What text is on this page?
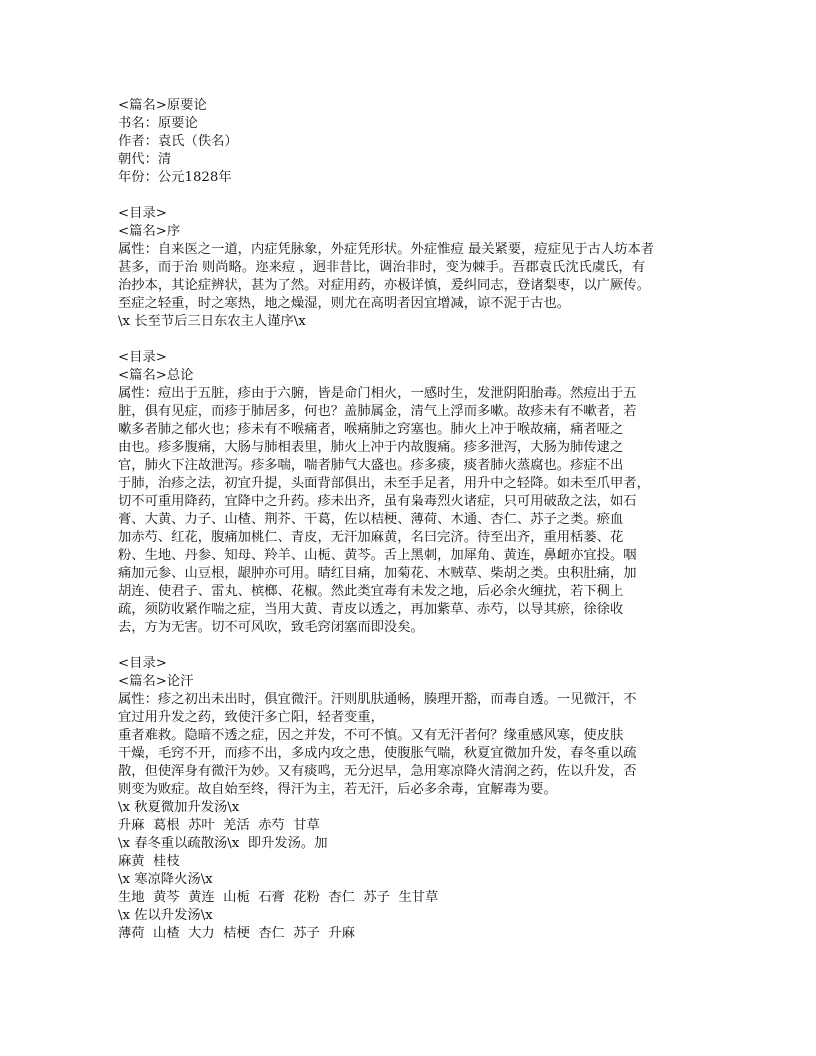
<篇名>原要论
书名：原要论
作者：袁氏（佚名）
朝代：清
年份：公元1828年
<目录>
<篇名>序
属性：自来医之一道，内症凭脉象，外症凭形状。外症惟痘 最关紧要，痘症见于古人坊本者
甚多，而于治 则尚略。迩来痘 ，迥非昔比，调治非时，变为棘手。吾郡袁氏沈氏虞氏，有
治抄本，其论症辨状，甚为了然。对症用药，亦极详慎，爰纠同志，登诸梨枣，以广厥传。
至症之轻重，时之寒热，地之燥湿，则尤在高明者因宜增减，谅不泥于古也。
\x 长至节后三日东农主人谨序\x
<目录>
<篇名>总论
属性：痘出于五脏，疹由于六腑，皆是命门相火，一感时生，发泄阴阳胎毒。然痘出于五
脏，俱有见症，而疹于肺居多，何也？盖肺属金，清气上浮而多嗽。故疹未有不嗽者，若
嗽多者肺之郁火也；疹未有不喉痛者，喉痛肺之窍塞也。肺火上冲于喉故痛，痛者哑之
由也。疹多腹痛，大肠与肺相表里，肺火上冲于内故腹痛。疹多泄泻，大肠为肺传逮之
官，肺火下注故泄泻。疹多喘，喘者肺气大盛也。疹多痰，痰者肺火蒸腐也。疹症不出
于肺，治疹之法，初宜升提，头面背部俱出，未至手足者，用升中之轻降。如未至爪甲者，
切不可重用降药，宜降中之升药。疹未出齐，虽有枭毒烈火诸症，只可用破敌之法，如石
膏、大黄、力子、山楂、荆芥、干葛，佐以桔梗、薄荷、木通、杏仁、苏子之类。瘀血
加赤芍、红花，腹痛加桃仁、青皮，无汗加麻黄，名曰完济。待至出齐，重用栝蒌、花
粉、生地、丹参、知母、羚羊、山栀、黄芩。舌上黑刺，加犀角、黄连，鼻衄亦宜投。咽
痛加元参、山豆根，龈肿亦可用。睛红目痛，加菊花、木贼草、柴胡之类。虫积肚痛，加
胡连、使君子、雷丸、槟榔、花椒。然此类宜毒有未发之地，后必余火缠扰，若下稠上
疏，须防收紧作喘之症，当用大黄、青皮以透之，再加紫草、赤芍，以导其瘀，徐徐收
去，方为无害。切不可风吹，致毛窍闭塞而即没矣。
<目录>
<篇名>论汗
属性：疹之初出未出时，俱宜微汗。汗则肌肤通畅，腠理开豁，而毒自透。一见微汗，不
宜过用升发之药，致使汗多亡阳，轻者变重，
重者难救。隐暗不透之症，因之并发，不可不慎。又有无汗者何？缘重感风寒，使皮肤
干燥，毛窍不开，而疹不出，多成内攻之患，使腹胀气喘，秋夏宜微加升发，春冬重以疏
散，但使浑身有微汗为妙。又有痰鸣，无分迟早，急用寒凉降火清润之药，佐以升发，否
则变为败症。故自始至终，得汗为主，若无汗，后必多余毒，宜解毒为要。
\x 秋夏微加升发汤\x
升麻  葛根  苏叶  羌活  赤芍  甘草
\x 春冬重以疏散汤\x  即升发汤。加
麻黄  桂枝
\x 寒凉降火汤\x
生地  黄芩  黄连  山栀  石膏  花粉  杏仁  苏子  生甘草
\x 佐以升发汤\x
薄荷  山楂  大力  桔梗  杏仁  苏子  升麻
